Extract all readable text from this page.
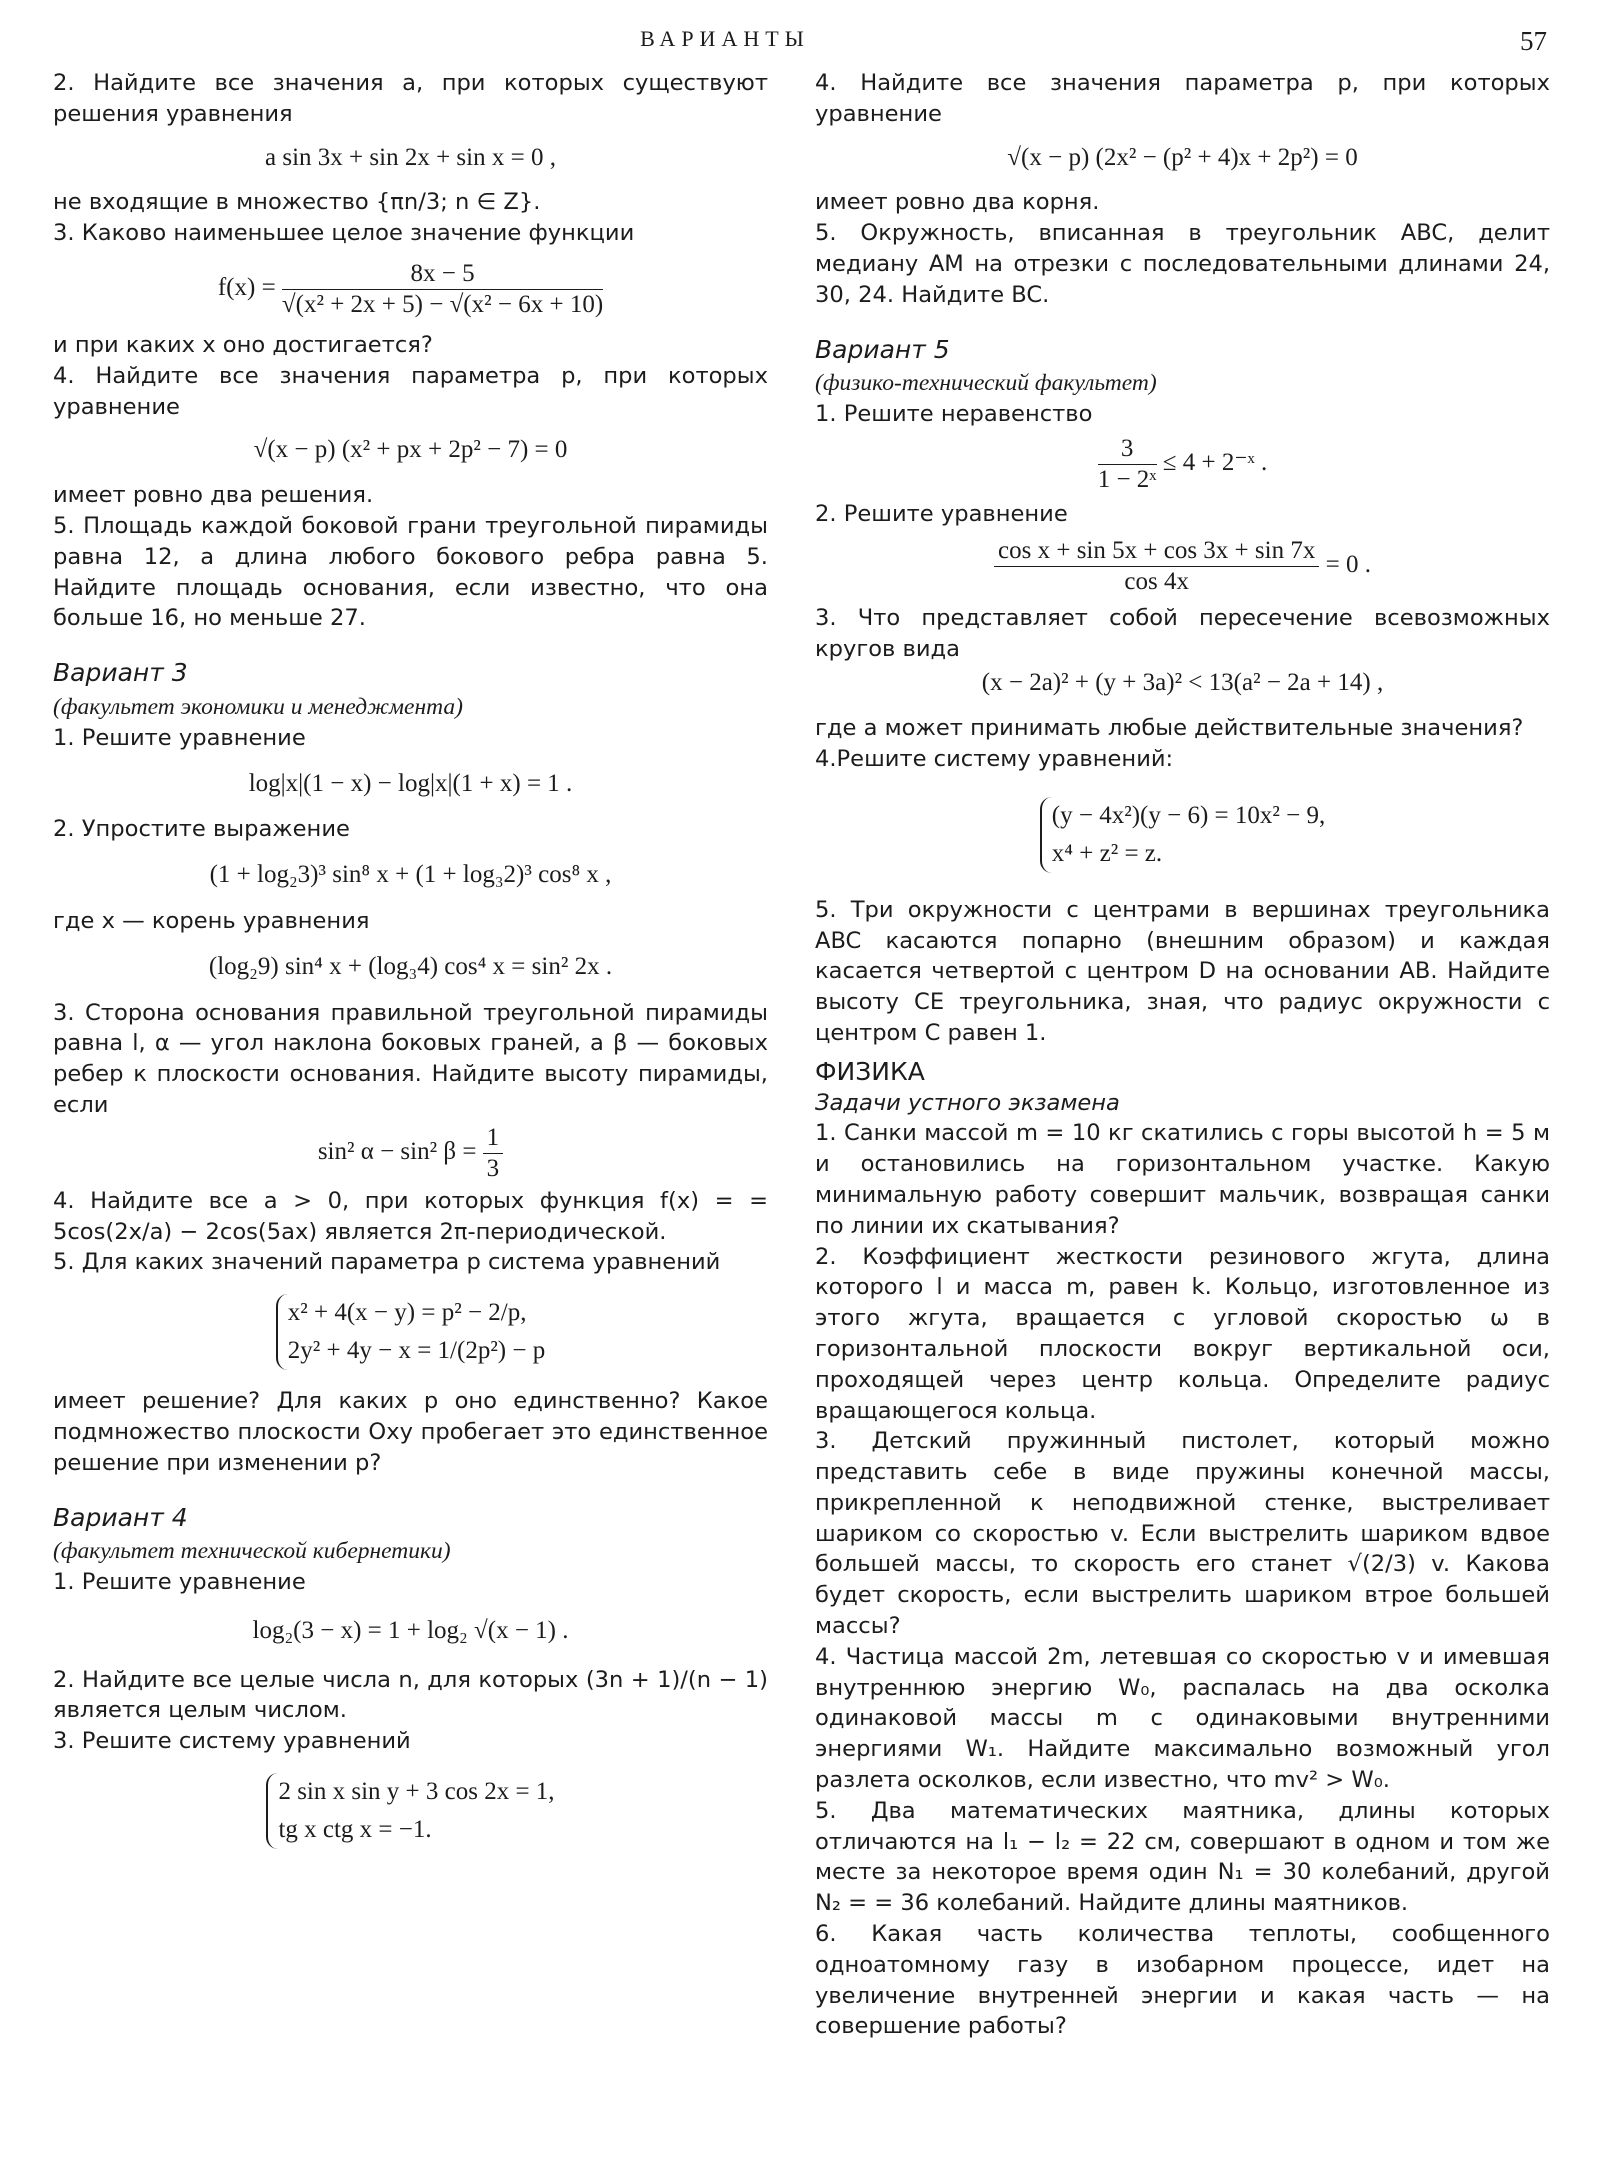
ВАРИАНТЫ	57

2. Найдите все значения a, при которых существуют решения уравнения

a sin 3x + sin 2x + sin x = 0 ,

не входящие в множество {πn/3; n ∈ Z}.

3. Каково наименьшее целое значение функции

$f(x) = \frac{8x - 5}{\text{√(x² + 2x + 5) − √(x² − 6x + 10)}}$

и при каких x оно достигается?

4. Найдите все значения параметра p, при которых уравнение

√(x − p) (x² + px + 2p² − 7) = 0

имеет ровно два решения.

5. Площадь каждой боковой грани треугольной пирамиды равна 12, а длина любого бокового ребра равна 5. Найдите площадь основания, если известно, что она больше 16, но меньше 27.

Вариант 3

(факультет экономики и менеджмента)

1. Решите уравнение

log|x|(1 − x) − log|x|(1 + x) = 1 .

2. Упростите выражение

(1 + log₂3)³ sin⁸ x + (1 + log₃2)³ cos⁸ x ,

где x — корень уравнения

(log₂9) sin⁴ x + (log₃4) cos⁴ x = sin² 2x .

3. Сторона основания правильной треугольной пирамиды равна l, α — угол наклона боковых граней, а β — боковых ребер к плоскости основания. Найдите высоту пирамиды, если

sin² α − sin² $\beta = \frac{1}{3}$

4. Найдите все a > 0, при которых функция f(x) = = 5cos(2x/a) − 2cos(5ax) является 2π-периодической.

5. Для каких значений параметра p система уравнений

x² + 4(x − y) = p² − 2/p,
2y² + 4y − x = 1/(2p²) − p

имеет решение? Для каких p оно единственно? Какое подмножество плоскости Oxy пробегает это единственное решение при изменении p?

Вариант 4

(факультет технической кибернетики)

1. Решите уравнение

log₂(3 − x) = 1 + log₂ √(x − 1) .

2. Найдите все целые числа n, для которых (3n + 1)/(n − 1) является целым числом.

3. Решите систему уравнений

2 sin x sin y + 3 cos 2x = 1,
tg x ctg x = −1.

4. Найдите все значения параметра p, при которых уравнение

√(x − p) (2x² − (p² + 4)x + 2p²) = 0

имеет ровно два корня.

5. Окружность, вписанная в треугольник ABC, делит медиану AM на отрезки с последовательными длинами 24, 30, 24. Найдите BC.

Вариант 5

(физико-технический факультет)

1. Решите неравенство

$\frac{3}{\text{1 − 2ˣ}} \le 4$ + 2⁻ˣ .

2. Решите уравнение

$\frac{\text{cos x + sin 5x + cos 3x + sin 7x}}{\cos 4x} = 0$ .

3. Что представляет собой пересечение всевозможных кругов вида

(x − 2a)² + (y + 3a)² < 13(a² − 2a + 14) ,

где a может принимать любые действительные значения?

4.Решите систему уравнений:

(y − 4x²)(y − 6) = 10x² − 9,
x⁴ + z² = z.

5. Три окружности с центрами в вершинах треугольника ABC касаются попарно (внешним образом) и каждая касается четвертой с центром D на основании AB. Найдите высоту CE треугольника, зная, что радиус окружности с центром C равен 1.

ФИЗИКА

Задачи устного экзамена

1. Санки массой m = 10 кг скатились с горы высотой h = 5 м и остановились на горизонтальном участке. Какую минимальную работу совершит мальчик, возвращая санки по линии их скатывания?

2. Коэффициент жесткости резинового жгута, длина которого l и масса m, равен k. Кольцо, изготовленное из этого жгута, вращается с угловой скоростью ω в горизонтальной плоскости вокруг вертикальной оси, проходящей через центр кольца. Определите радиус вращающегося кольца.

3. Детский пружинный пистолет, который можно представить себе в виде пружины конечной массы, прикрепленной к неподвижной стенке, выстреливает шариком со скоростью v. Если выстрелить шариком вдвое большей массы, то скорость его станет √(2/3) v. Какова будет скорость, если выстрелить шариком втрое большей массы?

4. Частица массой 2m, летевшая со скоростью v и имевшая внутреннюю энергию W₀, распалась на два осколка одинаковой массы m с одинаковыми внутренними энергиями W₁. Найдите максимально возможный угол разлета осколков, если известно, что mv² > W₀.

5. Два математических маятника, длины которых отличаются на l₁ − l₂ = 22 см, совершают в одном и том же месте за некоторое время один N₁ = 30 колебаний, другой N₂ = = 36 колебаний. Найдите длины маятников.

6. Какая часть количества теплоты, сообщенного одноатомному газу в изобарном процессе, идет на увеличение внутренней энергии и какая часть — на совершение работы?
